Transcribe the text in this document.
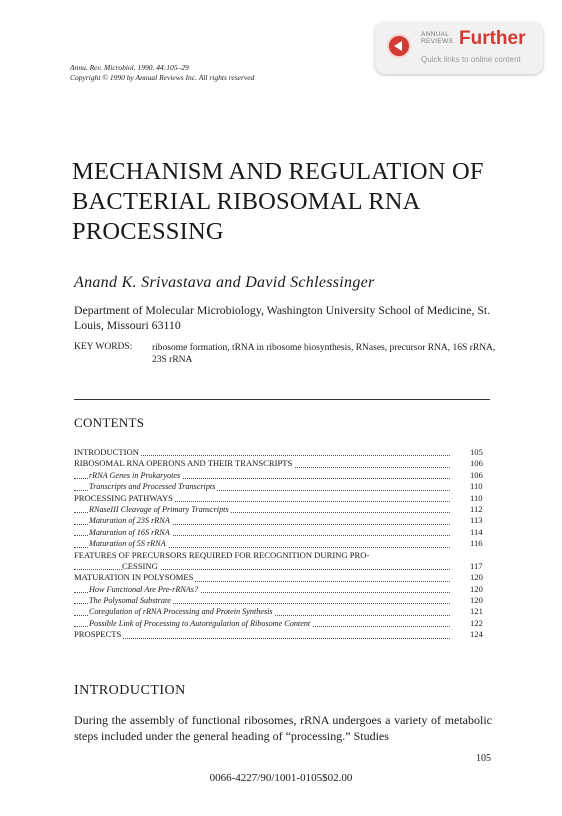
ANNUAL
REVIEWS Further
Quick links to online content
Annu. Rev. Microbiol. 1990. 44:105–29
Copyright © 1990 by Annual Reviews Inc. All rights reserved
MECHANISM AND REGULATION OF BACTERIAL RIBOSOMAL RNA PROCESSING
Anand K. Srivastava and David Schlessinger
Department of Molecular Microbiology, Washington University School of Medicine, St. Louis, Missouri 63110
KEY WORDS: ribosome formation, tRNA in ribosome biosynthesis, RNases, precursor RNA, 16S rRNA, 23S rRNA
CONTENTS
INTRODUCTION	105
RIBOSOMAL RNA OPERONS AND THEIR TRANSCRIPTS	106
rRNA Genes in Prokaryotes	106
Transcripts and Processed Transcripts	110
PROCESSING PATHWAYS	110
RNaseIII Cleavage of Primary Transcripts	112
Maturation of 23S rRNA	113
Maturation of 16S rRNA	114
Maturation of 5S rRNA	116
FEATURES OF PRECURSORS REQUIRED FOR RECOGNITION DURING PRO-
CESSING	117
MATURATION IN POLYSOMES	120
How Functional Are Pre-rRNAs?	120
The Polysomal Substrate	120
Coregulation of rRNA Processing and Protein Synthesis	121
Possible Link of Processing to Autoregulation of Ribosome Content	122
PROSPECTS	124
INTRODUCTION
During the assembly of functional ribosomes, rRNA undergoes a variety of metabolic steps included under the general heading of “processing.” Studies
105
0066-4227/90/1001-0105$02.00
